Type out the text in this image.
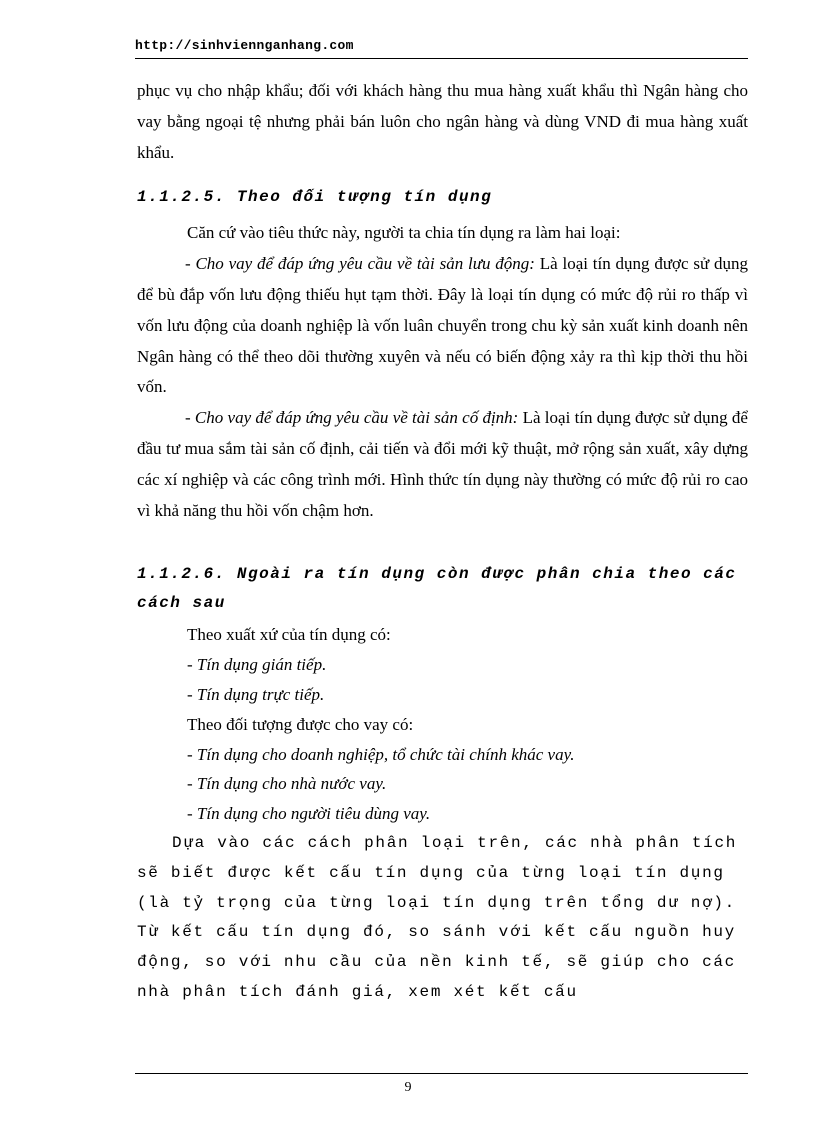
http://sinhviennganhang.com

phục vụ cho nhập khẩu; đối với khách hàng thu mua hàng xuất khẩu thì Ngân hàng cho vay bằng ngoại tệ nhưng phải bán luôn cho ngân hàng và dùng VND đi mua hàng xuất khẩu.

1.1.2.5. Theo đối tượng tín dụng

Căn cứ vào tiêu thức này, người ta chia tín dụng ra làm hai loại:

- Cho vay để đáp ứng yêu cầu về tài sản lưu động: Là loại tín dụng được sử dụng để bù đắp vốn lưu động thiếu hụt tạm thời. Đây là loại tín dụng có mức độ rủi ro thấp vì vốn lưu động của doanh nghiệp là vốn luân chuyển trong chu kỳ sản xuất kinh doanh nên Ngân hàng có thể theo dõi thường xuyên và nếu có biến động xảy ra thì kịp thời thu hồi vốn.

- Cho vay để đáp ứng yêu cầu về tài sản cố định: Là loại tín dụng được sử dụng để đầu tư mua sắm tài sản cố định, cải tiến và đổi mới kỹ thuật, mở rộng sản xuất, xây dựng các xí nghiệp và các công trình mới. Hình thức tín dụng này thường có mức độ rủi ro cao vì khả năng thu hồi vốn chậm hơn.

1.1.2.6. Ngoài ra tín dụng còn được phân chia theo các cách sau

Theo xuất xứ của tín dụng có:

- Tín dụng gián tiếp.

- Tín dụng trực tiếp.

Theo đối tượng được cho vay có:

- Tín dụng cho doanh nghiệp, tổ chức tài chính khác vay.

- Tín dụng cho nhà nước vay.

- Tín dụng cho người tiêu dùng vay.

Dựa vào các cách phân loại trên, các nhà phân tích sẽ biết được kết cấu tín dụng của từng loại tín dụng (là tỷ trọng của từng loại tín dụng trên tổng dư nợ). Từ kết cấu tín dụng đó, so sánh với kết cấu nguồn huy động, so với nhu cầu của nền kinh tế, sẽ giúp cho các nhà phân tích đánh giá, xem xét kết cấu

9
